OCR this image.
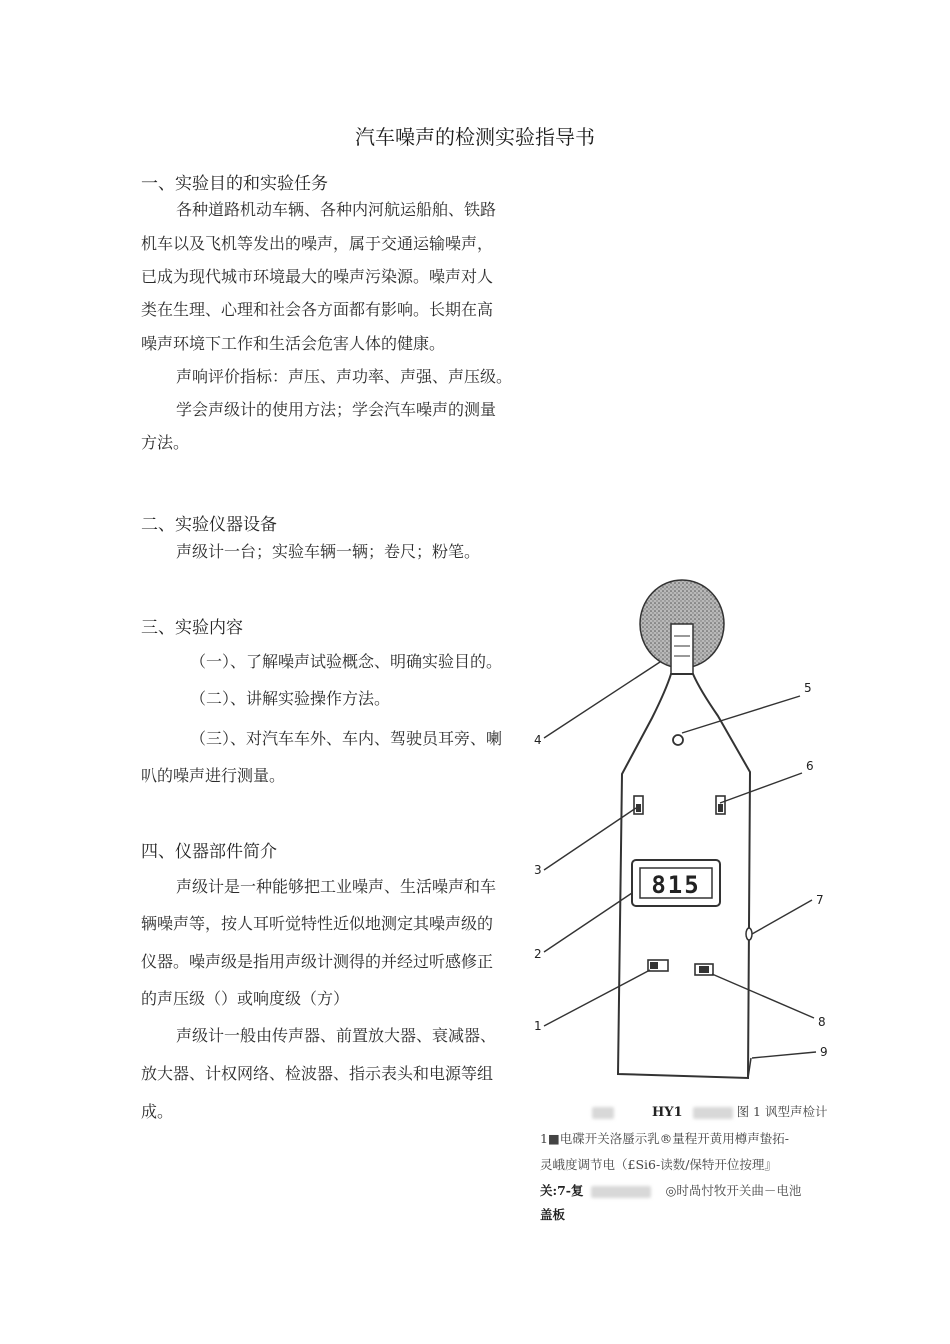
汽车噪声的检测实验指导书
一、实验目的和实验任务
各种道路机动车辆、各种内河航运船舶、铁路
机车以及飞机等发出的噪声，属于交通运输噪声，
已成为现代城市环境最大的噪声污染源。噪声对人
类在生理、心理和社会各方面都有影响。长期在高
噪声环境下工作和生活会危害人体的健康。
声响评价指标：声压、声功率、声强、声压级。
学会声级计的使用方法；学会汽车噪声的测量
方法。
二、实验仪器设备
声级计一台；实验车辆一辆；卷尺；粉笔。
三、实验内容
（一）、了解噪声试验概念、明确实验目的。
（二）、讲解实验操作方法。
（三）、对汽车车外、车内、驾驶员耳旁、喇
叭的噪声进行测量。
四、仪器部件简介
声级计是一种能够把工业噪声、生活噪声和车
辆噪声等，按人耳听觉特性近似地测定其噪声级的
仪器。噪声级是指用声级计测得的并经过听感修正
的声压级（）或响度级（方）
声级计一般由传声器、前置放大器、衰减器、
放大器、计权网络、检波器、指示表头和电源等组
成。
815
4
5
6
3
2
7
1	8
9
HY1	图 1 讽型声检计
1■电碟开关洛蜃示乳®量程开黄用樽声蛰拓-
灵峨度调节电（£Si6-读数/保特开位按理』
关:7-复	◎时咼忖牧开关曲－电池
盖板
